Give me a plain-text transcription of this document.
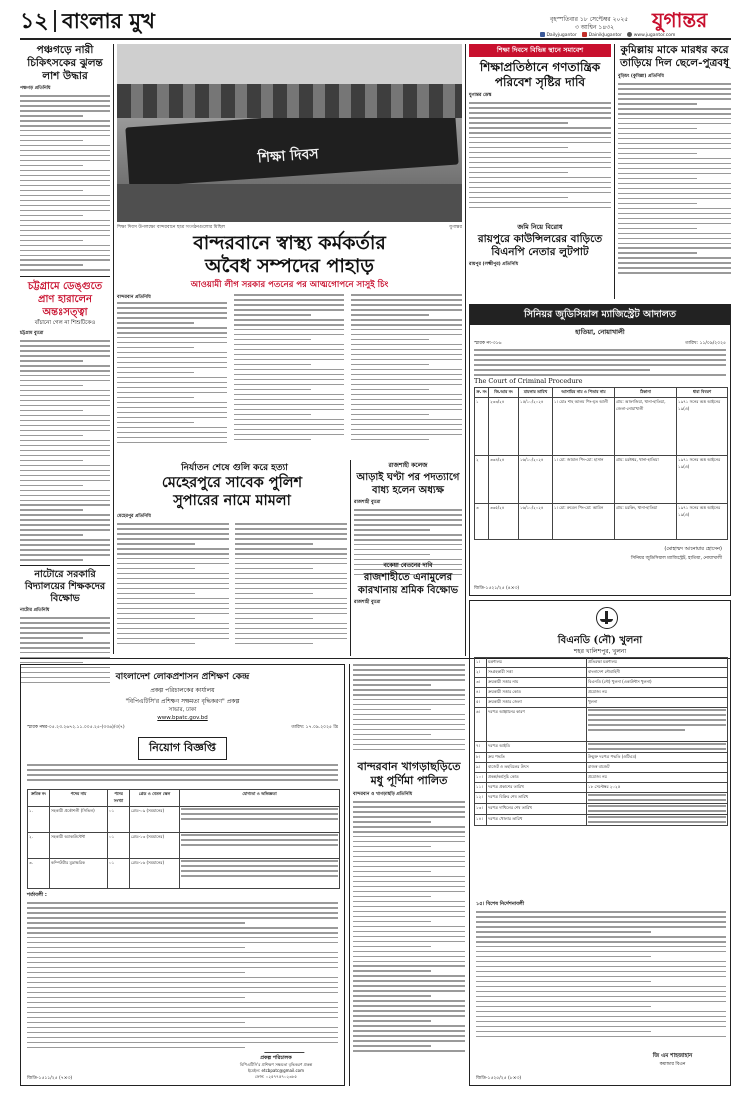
১২ বাংলার মুখ	বৃহস্পতিবার ১৮ সেপ্টেম্বর ২০২৫
৩ আশ্বিন ১৪৩২ যুগান্তর
Dailyjugantor	DainikJugantor	www.jugantor.com
পঞ্চগড়ে নারী চিকিৎসকের ঝুলন্ত লাশ উদ্ধার
পঞ্চগড় প্রতিনিধি
চট্টগ্রামে ডেঙ্গুতে
প্রাণ হারালেন
অন্তঃসত্ত্বা
বাঁচানো গেল না শিশুটিকেও
চট্টগ্রাম ব্যুরো
নাটোরে সরকারি বিদ্যালয়ের শিক্ষকদের বিক্ষোভ
নাটোর প্রতিনিধি
শিক্ষা দিবস
শিক্ষা দিবস উপলক্ষ্যে বান্দরবানে ছাত্র সংগঠনগুলোর মিছিল	যুগান্তর
বান্দরবানে স্বাস্থ্য কর্মকর্তার
অবৈধ সম্পদের পাহাড়
আওয়ামী লীগ সরকার পতনের পর আত্মগোপনে সাসুই চিং
বান্দরবান প্রতিনিধি
নির্যাতন শেষে গুলি করে হত্যা
মেহেরপুরে সাবেক পুলিশ
সুপারের নামে মামলা
মেহেরপুর প্রতিনিধি
রাজশাহী কলেজ
আড়াই ঘণ্টা পর পদত্যাগে বাধ্য হলেন অধ্যক্ষ
রাজশাহী ব্যুরো
জমি নিয়ে বিরোধ
রায়পুরে কাউন্সিলরের বাড়িতে বিএনপি নেতার লুটপাট
রায়পুর (লক্ষ্মীপুর) প্রতিনিধি
বকেয়া বেতনের দাবি
রাজশাহীতে এনামুলের কারখানায় শ্রমিক বিক্ষোভ
রাজশাহী ব্যুরো
শিক্ষা দিবসে বিভিন্ন স্থানে সমাবেশ
শিক্ষাপ্রতিষ্ঠানে গণতান্ত্রিক পরিবেশ সৃষ্টির দাবি
যুগান্তর ডেস্ক
কুমিল্লায় মাকে মারধর করে তাড়িয়ে দিল ছেলে-পুত্রবধূ
বুড়িচং (কুমিল্লা) প্রতিনিধি
সিনিয়র জুডিসিয়াল ম্যাজিস্ট্রেট আদালত
হাতিয়া, নোয়াখালী
স্মারক নং-৩১৬	তারিখ: ১১/০৯/২০২৫
The Court of Criminal Procedure
ক্র. নং	জি.আর নং	মামলার তারিখ	আসামির নাম ও পিতার নাম	ঠিকানা	ধারা বিবরণ
১	২৩৩/২৪	১৫/১০/২০২৪	১। মোঃ শাহ আলম পিং-মৃত আলী	গ্রাম: আফাজিয়া, থানা-হাতিয়া, জেলা-নোয়াখালী	১৯৭১ সনের অস্ত্র আইনের ১৯(এ)
২	৩৩৪/২৪	১৬/১০/২০২৪	১। মো: জামাল পিং-মো: হাসান	গ্রাম: চরঈশ্বর, থানা-হাতিয়া	১৯৭১ সনের অস্ত্র আইনের ১৯(এ)
৩	৩৩৫/২৪	১৬/১০/২০২৪	১। মো: রুবেল পিং-মো: আমিন	গ্রাম: চরকিং, থানা-হাতিয়া	১৯৭১ সনের অস্ত্র আইনের ১৯(এ)
(মোহাম্মদ আনোয়ার হোসেন)
সিনিয়র জুডিসিয়াল ম্যাজিস্ট্রেট, হাতিয়া, নোয়াখালী
জিডি-১৫২১/২৫ (৪×৩)
বাংলাদেশ লোকপ্রশাসন প্রশিক্ষণ কেন্দ্র
প্রকল্প পরিচালকের কার্যালয়
"বিপিএটিসি'র প্রশিক্ষণ সক্ষমতা বৃদ্ধিকরণ" প্রকল্প
সাভার, ঢাকা
www.bpatc.gov.bd
স্মারক নম্বর-০৫.২৩.২৬৭২.১১.০০৫.২৫-(৩৩৬)/৩(৭)	তারিখ: ১৭.০৯.২০২৫ খ্রি
নিয়োগ বিজ্ঞপ্তি
ক্রমিক নং	পদের নাম	পদের সংখ্যা	গ্রেড ও বেতন স্কেল	যোগ্যতা ও অভিজ্ঞতা
১.	সহকারী প্রকৌশলী (সিভিল)	০১	গ্রেড-০৯ (সমমানের)	

২.	সহকারী অ্যাকাউন্টেন্ট	০১	গ্রেড-১৩ (সমমানের)	

৩.	কম্পিউটার মুদ্রাক্ষরিক	০১	গ্রেড-১৬ (সমমানের)	
শর্তাবলী :
প্রকল্প পরিচালক
বিপিএটিসি'র প্রশিক্ষণ সক্ষমতা বৃদ্ধিকরণ প্রকল্প
ইমেইল: etcbpatc@gmail.com
ফোন: ০২৫৭৭৫৭০২৩৮৫
জিডি-১৫১১/২৫ (৭×৩)
বান্দরবান খাগড়াছড়িতে মধু পূর্ণিমা পালিত
বান্দরবান ও খাগড়াছড়ি প্রতিনিধি
বিএনডি (নৌ) খুলনা
শহর খালিশপুর, খুলনা
১।	মন্ত্রণালয়	প্রতিরক্ষা মন্ত্রণালয়
২।	সংগ্রহকারী সত্তা	বাংলাদেশ নৌবাহিনী
৩।	ক্রয়কারী সত্তার নাম	বিএনডি (নৌ) খুলনা (একাউন্টস খুলনা)
৪।	ক্রয়কারী সত্তার কোড	প্রযোজ্য নয়
৫।	ক্রয়কারী সত্তার জেলা	খুলনা
৬।	দরপত্র আহ্বানের কারণ	

৭।	দরপত্র আইডি	

৮।	ক্রয় পদ্ধতি	উন্মুক্ত দরপত্র পদ্ধতি (ওটিএম)
৯।	বাজেট ও তহবিলের উৎস	রাজস্ব বাজেট
১০।	প্রকল্প/কর্মসূচি কোড	প্রযোজ্য নয়
১১।	দরপত্র প্রকাশের তারিখ	১৮ সেপ্টেম্বর ২০২৫
১২।	দরপত্র বিক্রির শেষ তারিখ	

১৩।	দরপত্র দাখিলের শেষ তারিখ	

১৪।	দরপত্র খোলার তারিখ	
১৫। বিশেষ নির্দেশনাবলী
জি এম শাহজাহান
কমান্ডার বিএন
জিডি-১৫২৫/২৫ (৮×৩)
